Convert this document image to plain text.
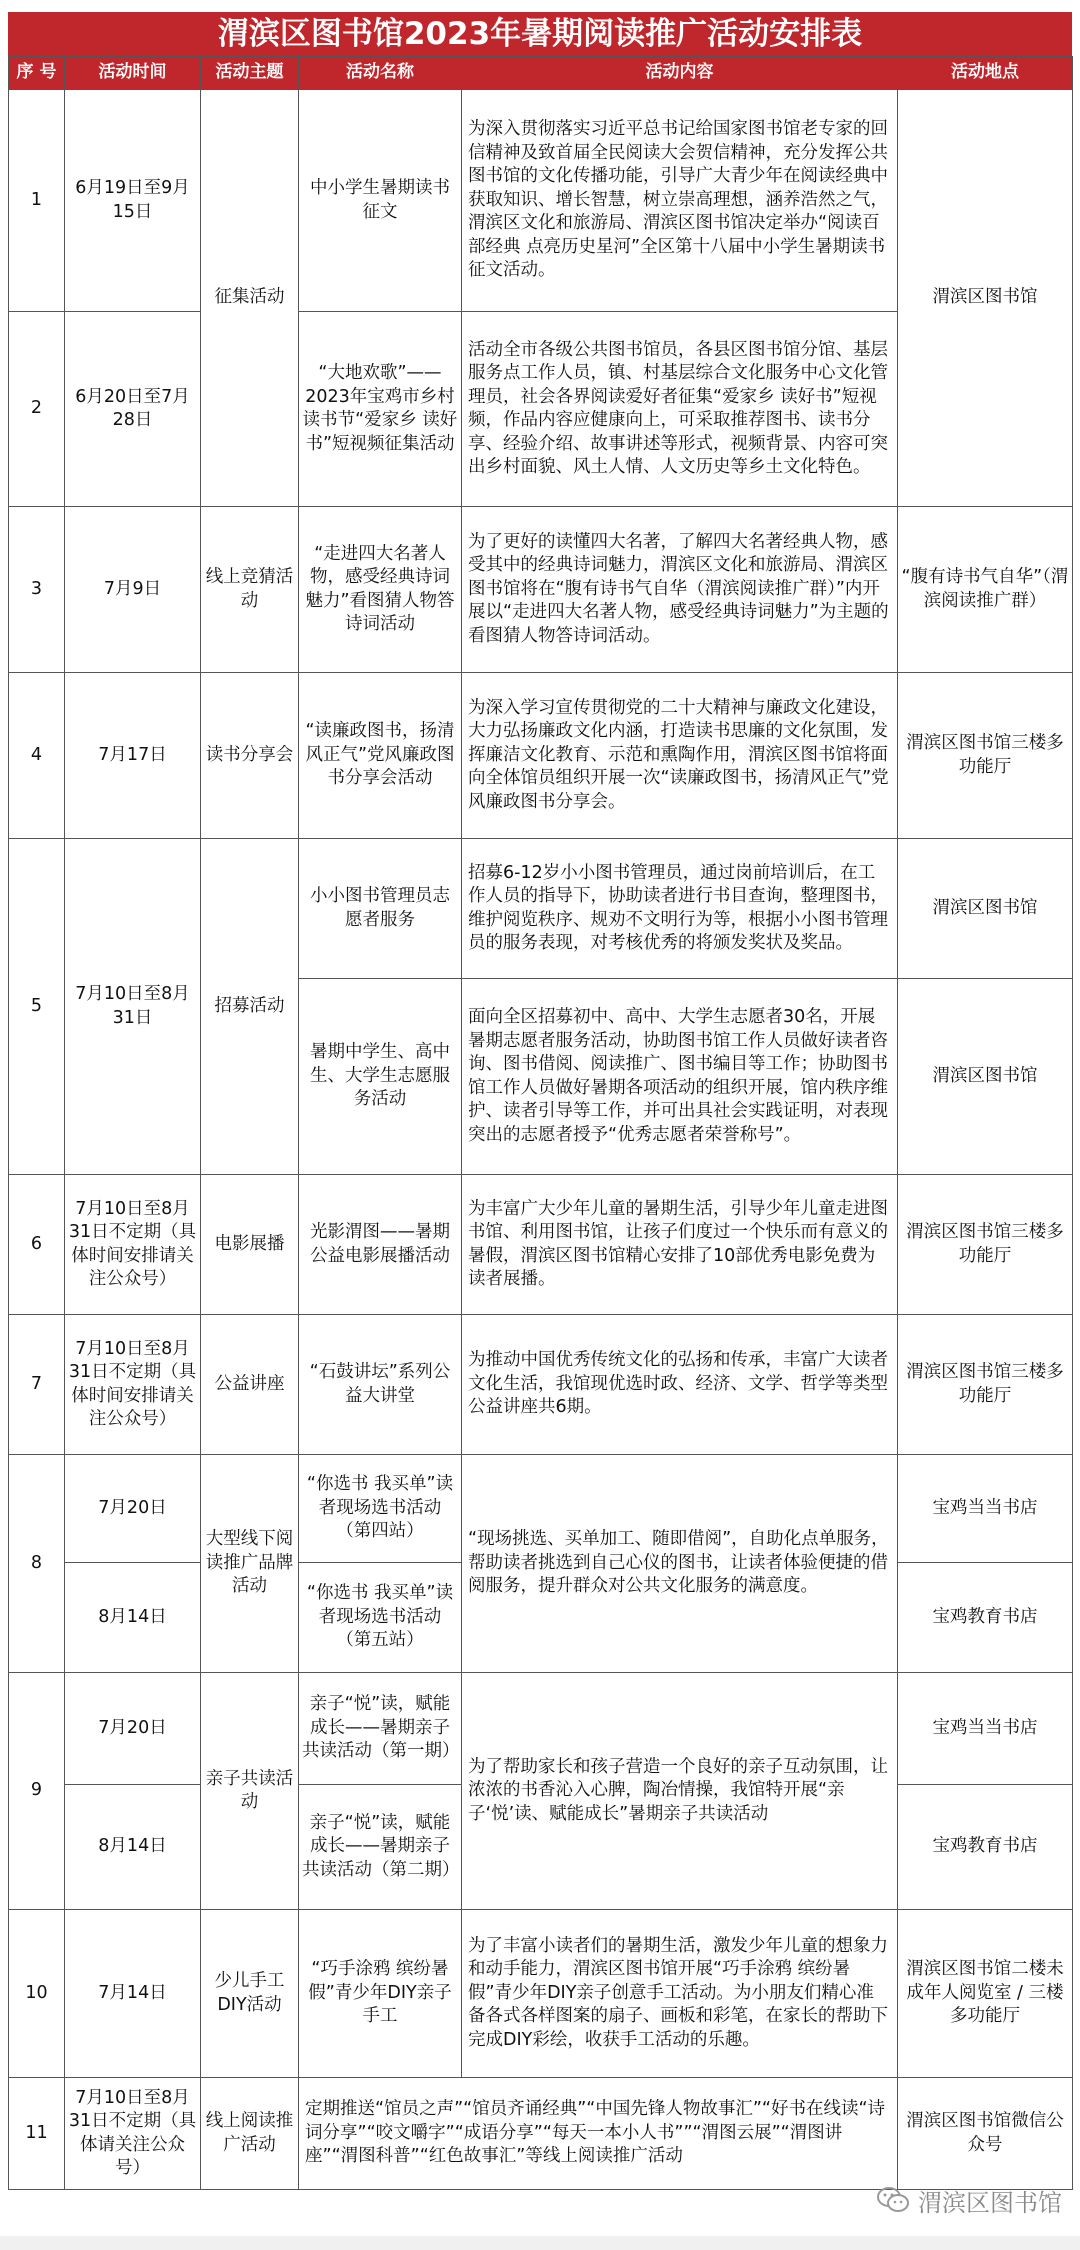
渭滨区图书馆2023年暑期阅读推广活动安排表
序 号	活动时间	活动主题	活动名称	活动内容	活动地点
1	6月19日至9月15日	征集活动	中小学生暑期读书征文	为深入贯彻落实习近平总书记给国家图书馆老专家的回信精神及致首届全民阅读大会贺信精神，充分发挥公共图书馆的文化传播功能，引导广大青少年在阅读经典中获取知识、增长智慧，树立崇高理想，涵养浩然之气，渭滨区文化和旅游局、渭滨区图书馆决定举办“阅读百部经典 点亮历史星河”全区第十八届中小学生暑期读书征文活动。	渭滨区图书馆
2	6月20日至7月28日		“大地欢歌”——2023年宝鸡市乡村读书节“爱家乡 读好书”短视频征集活动	活动全市各级公共图书馆员，各县区图书馆分馆、基层服务点工作人员，镇、村基层综合文化服务中心文化管理员，社会各界阅读爱好者征集“爱家乡 读好书”短视频，作品内容应健康向上，可采取推荐图书、读书分享、经验介绍、故事讲述等形式，视频背景、内容可突出乡村面貌、风土人情、人文历史等乡土文化特色。	
3	7月9日	线上竞猜活动	“走进四大名著人物，感受经典诗词魅力”看图猜人物答诗词活动	为了更好的读懂四大名著，了解四大名著经典人物，感受其中的经典诗词魅力，渭滨区文化和旅游局、渭滨区图书馆将在“腹有诗书气自华（渭滨阅读推广群）”内开展以“走进四大名著人物，感受经典诗词魅力”为主题的看图猜人物答诗词活动。	“腹有诗书气自华”（渭滨阅读推广群）
4	7月17日	读书分享会	“读廉政图书，扬清风正气”党风廉政图书分享会活动	为深入学习宣传贯彻党的二十大精神与廉政文化建设，大力弘扬廉政文化内涵，打造读书思廉的文化氛围，发挥廉洁文化教育、示范和熏陶作用，渭滨区图书馆将面向全体馆员组织开展一次“读廉政图书，扬清风正气”党风廉政图书分享会。	渭滨区图书馆三楼多功能厅
5	7月10日至8月31日	招募活动	小小图书管理员志愿者服务	招募6-12岁小小图书管理员，通过岗前培训后，在工作人员的指导下，协助读者进行书目查询，整理图书，维护阅览秩序、规劝不文明行为等，根据小小图书管理员的服务表现，对考核优秀的将颁发奖状及奖品。	渭滨区图书馆
			暑期中学生、高中生、大学生志愿服务活动	面向全区招募初中、高中、大学生志愿者30名，开展暑期志愿者服务活动，协助图书馆工作人员做好读者咨询、图书借阅、阅读推广、图书编目等工作；协助图书馆工作人员做好暑期各项活动的组织开展，馆内秩序维护、读者引导等工作，并可出具社会实践证明，对表现突出的志愿者授予“优秀志愿者荣誉称号”。	渭滨区图书馆
6	7月10日至8月31日不定期（具体时间安排请关注公众号）	电影展播	光影渭图——暑期公益电影展播活动	为丰富广大少年儿童的暑期生活，引导少年儿童走进图书馆、利用图书馆，让孩子们度过一个快乐而有意义的暑假，渭滨区图书馆精心安排了10部优秀电影免费为读者展播。	渭滨区图书馆三楼多功能厅
7	7月10日至8月31日不定期（具体时间安排请关注公众号）	公益讲座	“石鼓讲坛”系列公益大讲堂	为推动中国优秀传统文化的弘扬和传承，丰富广大读者文化生活，我馆现优选时政、经济、文学、哲学等类型公益讲座共6期。	渭滨区图书馆三楼多功能厅
8	7月20日	大型线下阅读推广品牌活动	“你选书 我买单”读者现场选书活动（第四站）	“现场挑选、买单加工、随即借阅”，自助化点单服务，帮助读者挑选到自己心仪的图书，让读者体验便捷的借阅服务，提升群众对公共文化服务的满意度。	宝鸡当当书店
	8月14日		“你选书 我买单”读者现场选书活动（第五站）		宝鸡教育书店
9	7月20日	亲子共读活动	亲子“悦”读，赋能成长——暑期亲子共读活动（第一期）	为了帮助家长和孩子营造一个良好的亲子互动氛围，让浓浓的书香沁入心脾，陶冶情操，我馆特开展“亲子‘悦’读、赋能成长”暑期亲子共读活动	宝鸡当当书店
	8月14日		亲子“悦”读，赋能成长——暑期亲子共读活动（第二期）		宝鸡教育书店
10	7月14日	少儿手工DIY活动	“巧手涂鸦 缤纷暑假”青少年DIY亲子手工	为了丰富小读者们的暑期生活，激发少年儿童的想象力和动手能力，渭滨区图书馆开展“巧手涂鸦 缤纷暑假”青少年DIY亲子创意手工活动。为小朋友们精心准备各式各样图案的扇子、画板和彩笔，在家长的帮助下完成DIY彩绘，收获手工活动的乐趣。	渭滨区图书馆二楼未成年人阅览室 / 三楼多功能厅
11	7月10日至8月31日不定期（具体请关注公众号）	线上阅读推广活动	定期推送“馆员之声”“馆员齐诵经典”“中国先锋人物故事汇”“好书在线读“诗词分享”“咬文嚼字”“成语分享”“每天一本小人书””“渭图云展”“渭图讲座”“渭图科普”“红色故事汇”等线上阅读推广活动		渭滨区图书馆微信公众号
渭滨区图书馆
